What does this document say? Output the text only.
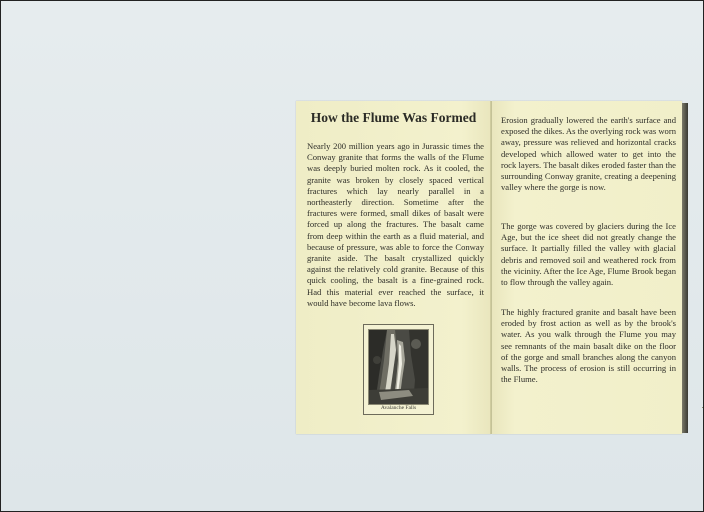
How the Flume Was Formed

Nearly 200 million years ago in Jurassic times the Conway granite that forms the walls of the Flume was deeply buried molten rock. As it cooled, the granite was broken by closely spaced vertical fractures which lay nearly parallel in a northeasterly direction. Sometime after the fractures were formed, small dikes of basalt were forced up along the fractures. The basalt came from deep within the earth as a fluid material, and because of pressure, was able to force the Conway granite aside. The basalt crystallized quickly against the relatively cold granite. Because of this quick cooling, the basalt is a fine-grained rock. Had this material ever reached the surface, it would have become lava flows.

Avalanche Falls

Erosion gradually lowered the earth's surface and exposed the dikes. As the overlying rock was worn away, pressure was relieved and horizontal cracks developed which allowed water to get into the rock layers. The basalt dikes eroded faster than the surrounding Conway granite, creating a deepening valley where the gorge is now.

The gorge was covered by glaciers during the Ice Age, but the ice sheet did not greatly change the surface. It partially filled the valley with glacial debris and removed soil and weathered rock from the vicinity. After the Ice Age, Flume Brook began to flow through the valley again.

The highly fractured granite and basalt have been eroded by frost action as well as by the brook's water. As you walk through the Flume you may see remnants of the main basalt dike on the floor of the gorge and small branches along the canyon walls. The process of erosion is still occurring in the Flume.
